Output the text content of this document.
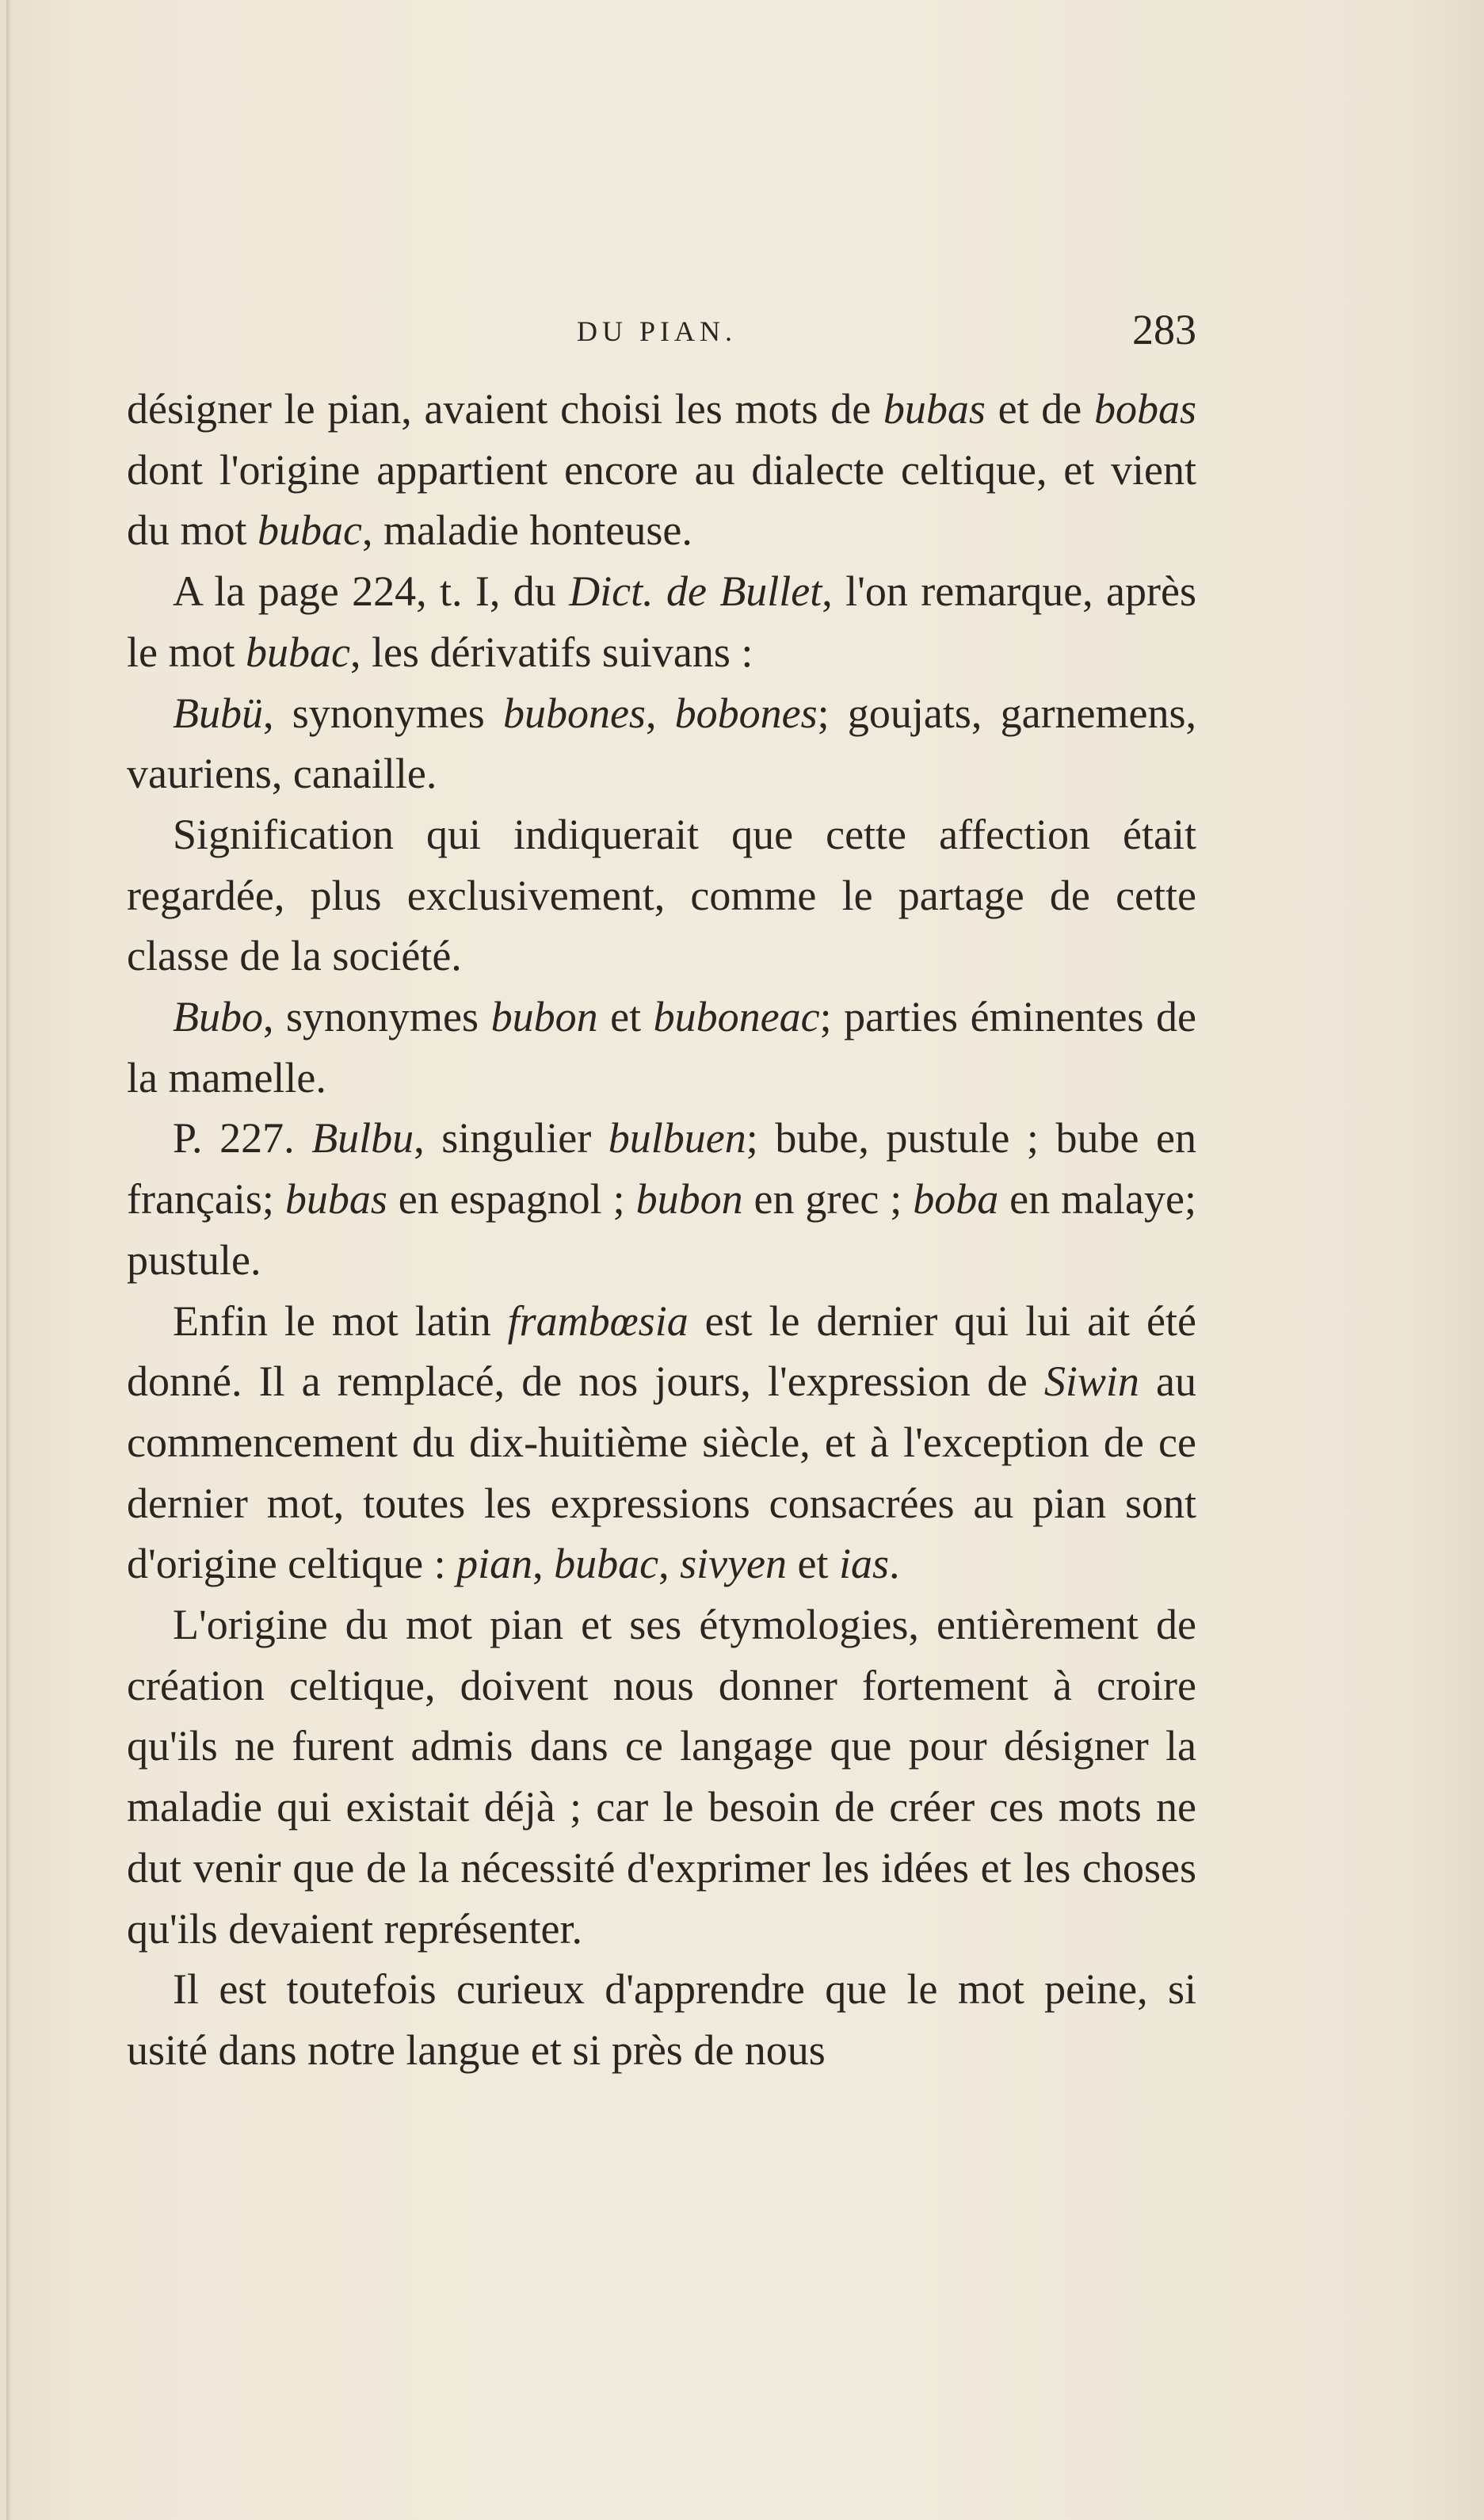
DU PIAN.	283

désigner le pian, avaient choisi les mots de bubas et de bobas dont l'origine appartient encore au dialecte celtique, et vient du mot bubac, maladie honteuse.

A la page 224, t. I, du Dict. de Bullet, l'on remarque, après le mot bubac, les dérivatifs suivans :

Bubü, synonymes bubones, bobones; goujats, garnemens, vauriens, canaille.

Signification qui indiquerait que cette affection était regardée, plus exclusivement, comme le partage de cette classe de la société.

Bubo, synonymes bubon et buboneac; parties éminentes de la mamelle.

P. 227. Bulbu, singulier bulbuen; bube, pustule ; bube en français; bubas en espagnol ; bubon en grec ; boba en malaye; pustule.

Enfin le mot latin frambœsia est le dernier qui lui ait été donné. Il a remplacé, de nos jours, l'expression de Siwin au commencement du dix-huitième siècle, et à l'exception de ce dernier mot, toutes les expressions consacrées au pian sont d'origine celtique : pian, bubac, sivyen et ias.

L'origine du mot pian et ses étymologies, entièrement de création celtique, doivent nous donner fortement à croire qu'ils ne furent admis dans ce langage que pour désigner la maladie qui existait déjà ; car le besoin de créer ces mots ne dut venir que de la nécessité d'exprimer les idées et les choses qu'ils devaient représenter.

Il est toutefois curieux d'apprendre que le mot peine, si usité dans notre langue et si près de nous
